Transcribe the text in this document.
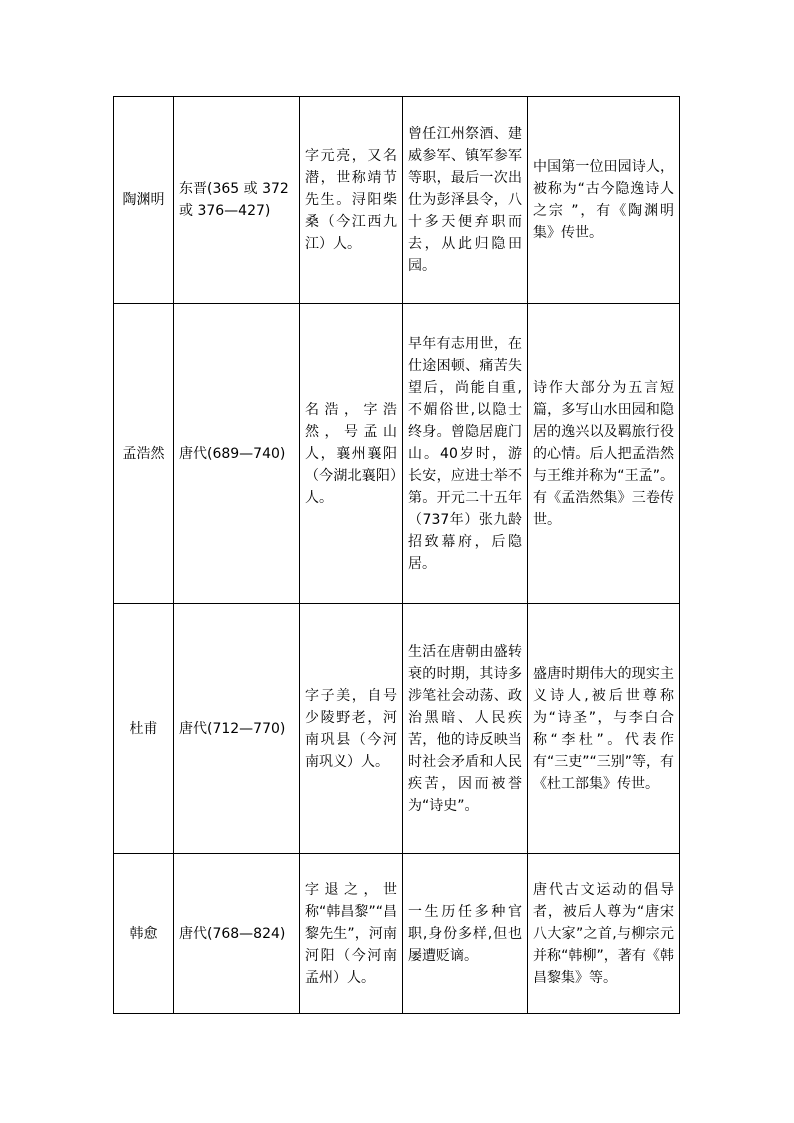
陶渊明	东晋(365 或 372 或 376—427)	字元亮，又名潜，世称靖节先生。浔阳柴桑（今江西九江）人。	曾任江州祭酒、建威参军、镇军参军等职，最后一次出仕为彭泽县令，八十多天便弃职而去，从此归隐田园。	中国第一位田园诗人，被称为“古今隐逸诗人之宗 ”，有《陶渊明集》传世。
孟浩然	唐代(689—740)	名浩，字浩然，号孟山人，襄州襄阳（今湖北襄阳）人。	早年有志用世，在仕途困顿、痛苦失望后，尚能自重,不媚俗世,以隐士终身。曾隐居鹿门山。40岁时，游长安，应进士举不第。开元二十五年（737年）张九龄招致幕府，后隐居。	诗作大部分为五言短篇，多写山水田园和隐居的逸兴以及羁旅行役的心情。后人把孟浩然与王维并称为“王孟”。有《孟浩然集》三卷传世。
杜甫	唐代(712—770)	字子美，自号少陵野老，河南巩县（今河南巩义）人。	生活在唐朝由盛转衰的时期，其诗多涉笔社会动荡、政治黑暗、人民疾苦，他的诗反映当时社会矛盾和人民疾苦，因而被誉为“诗史”。	盛唐时期伟大的现实主义诗人,被后世尊称为“诗圣”，与李白合称“李杜”。代表作有“三吏”“三别”等，有《杜工部集》传世。
韩愈	唐代(768—824)	字退之，世称“韩昌黎”“昌黎先生”，河南河阳（今河南孟州）人。	一生历任多种官职,身份多样,但也屡遭贬谪。	唐代古文运动的倡导者，被后人尊为“唐宋八大家”之首,与柳宗元并称“韩柳”，著有《韩昌黎集》等。
